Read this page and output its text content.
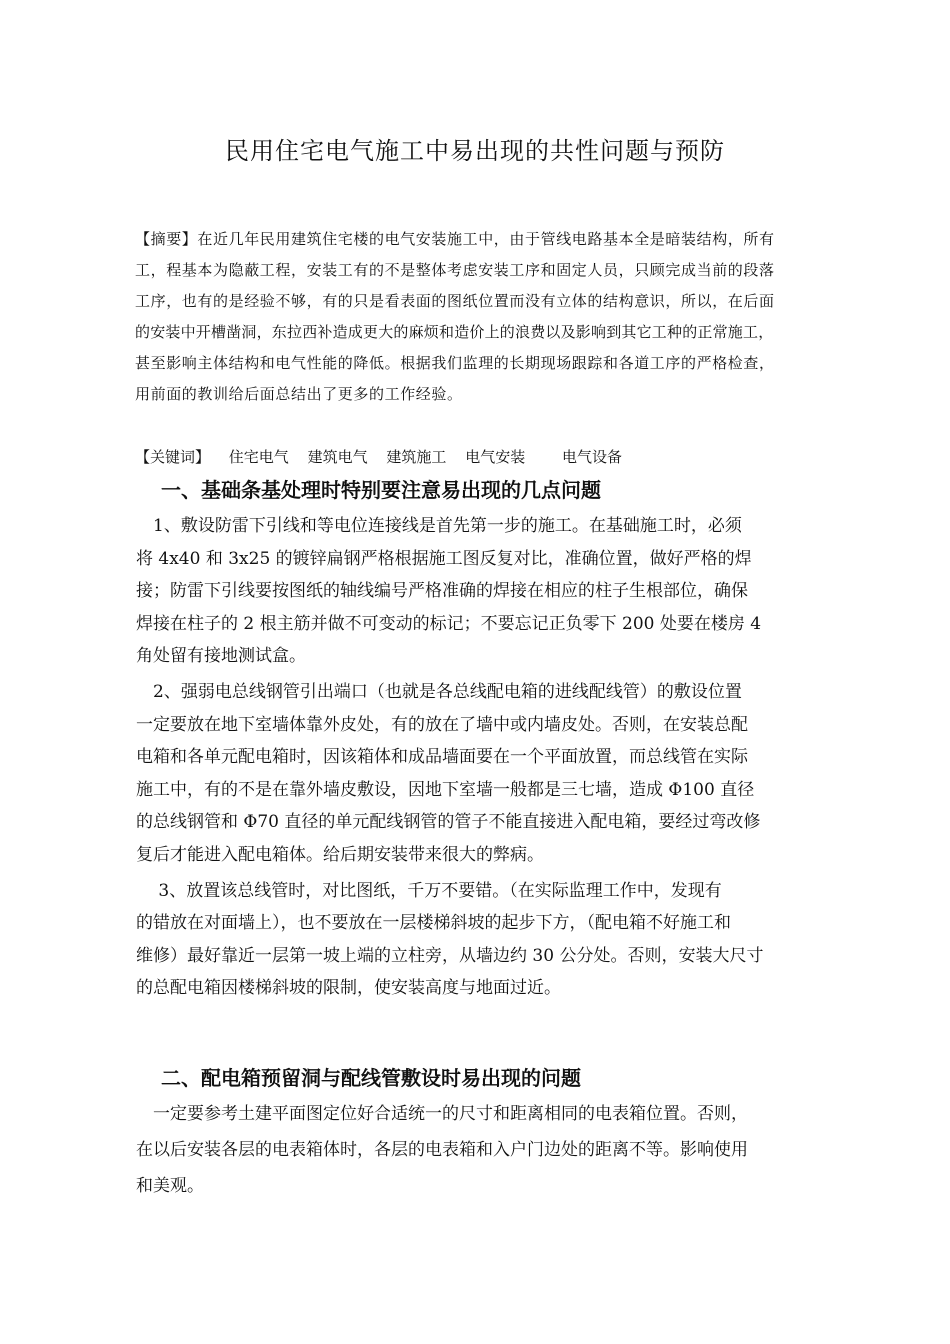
民用住宅电气施工中易出现的共性问题与预防
【摘要】在近几年民用建筑住宅楼的电气安装施工中，由于管线电路基本全是暗装结构，所有
工，程基本为隐蔽工程，安装工有的不是整体考虑安装工序和固定人员，只顾完成当前的段落
工序，也有的是经验不够，有的只是看表面的图纸位置而没有立体的结构意识，所以，在后面
的安装中开槽凿洞，东拉西补造成更大的麻烦和造价上的浪费以及影响到其它工种的正常施工，
甚至影响主体结构和电气性能的降低。根据我们监理的长期现场跟踪和各道工序的严格检查，
用前面的教训给后面总结出了更多的工作经验。
【关键词】 住宅电气 建筑电气 建筑施工 电气安装 电气设备
一、基础条基处理时特别要注意易出现的几点问题
　1、敷设防雷下引线和等电位连接线是首先第一步的施工。在基础施工时，必须
将 4x40 和 3x25 的镀锌扁钢严格根据施工图反复对比，准确位置，做好严格的焊
接；防雷下引线要按图纸的轴线编号严格准确的焊接在相应的柱子生根部位，确保
焊接在柱子的 2 根主筋并做不可变动的标记；不要忘记正负零下 200 处要在楼房 4
角处留有接地测试盒。
　2、强弱电总线钢管引出端口（也就是各总线配电箱的进线配线管）的敷设位置
一定要放在地下室墙体靠外皮处，有的放在了墙中或内墙皮处。否则，在安装总配
电箱和各单元配电箱时，因该箱体和成品墙面要在一个平面放置，而总线管在实际
施工中，有的不是在靠外墙皮敷设，因地下室墙一般都是三七墙，造成 Φ100 直径
的总线钢管和 Φ70 直径的单元配线钢管的管子不能直接进入配电箱，要经过弯改修
复后才能进入配电箱体。给后期安装带来很大的弊病。
　 3、放置该总线管时，对比图纸，千万不要错。（在实际监理工作中，发现有
的错放在对面墙上），也不要放在一层楼梯斜坡的起步下方，（配电箱不好施工和
维修）最好靠近一层第一坡上端的立柱旁，从墙边约 30 公分处。否则，安装大尺寸
的总配电箱因楼梯斜坡的限制，使安装高度与地面过近。
二、配电箱预留洞与配线管敷设时易出现的问题
　一定要参考土建平面图定位好合适统一的尺寸和距离相同的电表箱位置。否则，
在以后安装各层的电表箱体时，各层的电表箱和入户门边处的距离不等。影响使用
和美观。
